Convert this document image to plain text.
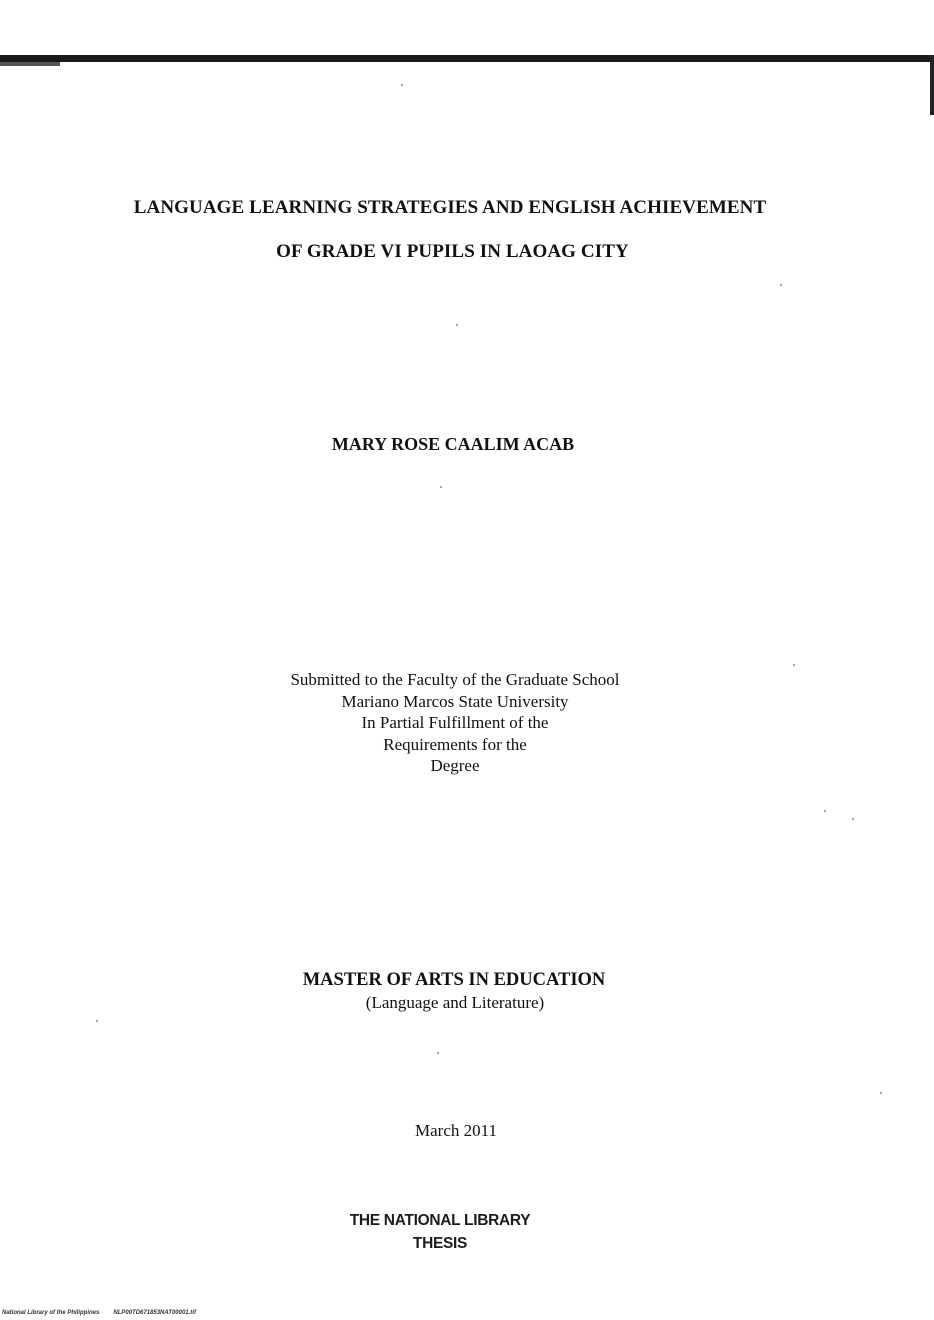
LANGUAGE LEARNING STRATEGIES AND ENGLISH ACHIEVEMENT
OF GRADE VI PUPILS IN LAOAG CITY
MARY ROSE CAALIM ACAB
Submitted to the Faculty of the Graduate School
Mariano Marcos State University
In Partial Fulfillment of the
Requirements for the
Degree
MASTER OF ARTS IN EDUCATION
(Language and Literature)
March 2011
THE NATIONAL LIBRARY
THESIS
National Library of the Philippines NLP00TD671853NAT00001.tif
